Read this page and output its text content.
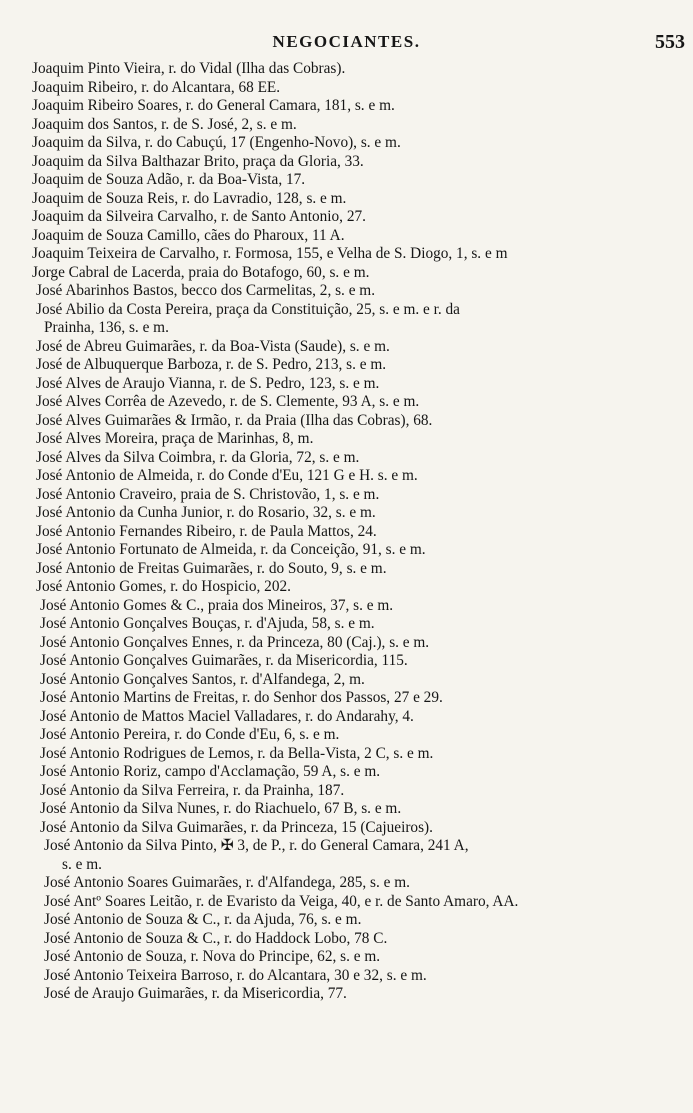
NEGOCIANTES.	553
Joaquim Pinto Vieira, r. do Vidal (Ilha das Cobras).
Joaquim Ribeiro, r. do Alcantara, 68 EE.
Joaquim Ribeiro Soares, r. do General Camara, 181, s. e m.
Joaquim dos Santos, r. de S. José, 2, s. e m.
Joaquim da Silva, r. do Cabuçú, 17 (Engenho-Novo), s. e m.
Joaquim da Silva Balthazar Brito, praça da Gloria, 33.
Joaquim de Souza Adão, r. da Boa-Vista, 17.
Joaquim de Souza Reis, r. do Lavradio, 128, s. e m.
Joaquim da Silveira Carvalho, r. de Santo Antonio, 27.
Joaquim de Souza Camillo, cães do Pharoux, 11 A.
Joaquim Teixeira de Carvalho, r. Formosa, 155, e Velha de S. Diogo, 1, s. e m
Jorge Cabral de Lacerda, praia do Botafogo, 60, s. e m.
José Abarinhos Bastos, becco dos Carmelitas, 2, s. e m.
José Abilio da Costa Pereira, praça da Constituição, 25, s. e m. e r. da
Prainha, 136, s. e m.
José de Abreu Guimarães, r. da Boa-Vista (Saude), s. e m.
José de Albuquerque Barboza, r. de S. Pedro, 213, s. e m.
José Alves de Araujo Vianna, r. de S. Pedro, 123, s. e m.
José Alves Corrêa de Azevedo, r. de S. Clemente, 93 A, s. e m.
José Alves Guimarães & Irmão, r. da Praia (Ilha das Cobras), 68.
José Alves Moreira, praça de Marinhas, 8, m.
José Alves da Silva Coimbra, r. da Gloria, 72, s. e m.
José Antonio de Almeida, r. do Conde d'Eu, 121 G e H. s. e m.
José Antonio Craveiro, praia de S. Christovão, 1, s. e m.
José Antonio da Cunha Junior, r. do Rosario, 32, s. e m.
José Antonio Fernandes Ribeiro, r. de Paula Mattos, 24.
José Antonio Fortunato de Almeida, r. da Conceição, 91, s. e m.
José Antonio de Freitas Guimarães, r. do Souto, 9, s. e m.
José Antonio Gomes, r. do Hospicio, 202.
José Antonio Gomes & C., praia dos Mineiros, 37, s. e m.
José Antonio Gonçalves Bouças, r. d'Ajuda, 58, s. e m.
José Antonio Gonçalves Ennes, r. da Princeza, 80 (Caj.), s. e m.
José Antonio Gonçalves Guimarães, r. da Misericordia, 115.
José Antonio Gonçalves Santos, r. d'Alfandega, 2, m.
José Antonio Martins de Freitas, r. do Senhor dos Passos, 27 e 29.
José Antonio de Mattos Maciel Valladares, r. do Andarahy, 4.
José Antonio Pereira, r. do Conde d'Eu, 6, s. e m.
José Antonio Rodrigues de Lemos, r. da Bella-Vista, 2 C, s. e m.
José Antonio Roriz, campo d'Acclamação, 59 A, s. e m.
José Antonio da Silva Ferreira, r. da Prainha, 187.
José Antonio da Silva Nunes, r. do Riachuelo, 67 B, s. e m.
José Antonio da Silva Guimarães, r. da Princeza, 15 (Cajueiros).
José Antonio da Silva Pinto, ✠ 3, de P., r. do General Camara, 241 A,
s. e m.
José Antonio Soares Guimarães, r. d'Alfandega, 285, s. e m.
José Antº Soares Leitão, r. de Evaristo da Veiga, 40, e r. de Santo Amaro, AA.
José Antonio de Souza & C., r. da Ajuda, 76, s. e m.
José Antonio de Souza & C., r. do Haddock Lobo, 78 C.
José Antonio de Souza, r. Nova do Principe, 62, s. e m.
José Antonio Teixeira Barroso, r. do Alcantara, 30 e 32, s. e m.
José de Araujo Guimarães, r. da Misericordia, 77.
